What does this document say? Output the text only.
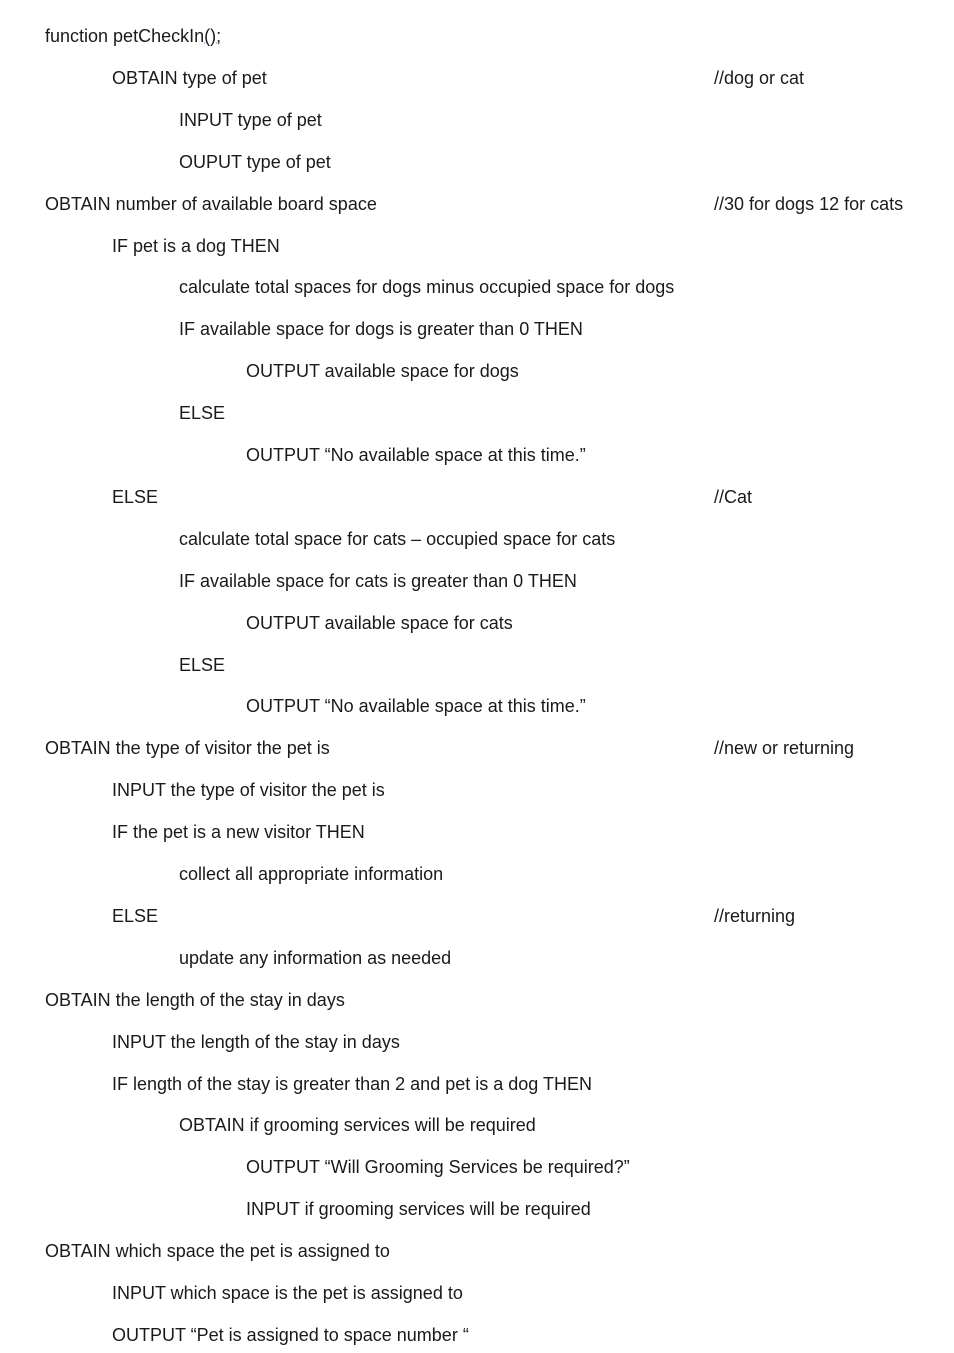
function petCheckIn();
OBTAIN type of pet	//dog or cat
INPUT type of pet
OUPUT type of pet
OBTAIN number of available board space	//30 for dogs 12 for cats
IF pet is a dog THEN
calculate total spaces for dogs minus occupied space for dogs
IF available space for dogs is greater than 0 THEN
OUTPUT available space for dogs
ELSE
OUTPUT “No available space at this time.”
ELSE	//Cat
calculate total space for cats – occupied space for cats
IF available space for cats is greater than 0 THEN
OUTPUT available space for cats
ELSE
OUTPUT “No available space at this time.”
OBTAIN the type of visitor the pet is	//new or returning
INPUT the type of visitor the pet is
IF the pet is a new visitor THEN
collect all appropriate information
ELSE	//returning
update any information as needed
OBTAIN the length of the stay in days
INPUT the length of the stay in days
IF length of the stay is greater than 2 and pet is a dog THEN
OBTAIN if grooming services will be required
OUTPUT “Will Grooming Services be required?”
INPUT if grooming services will be required
OBTAIN which space the pet is assigned to
INPUT which space is the pet is assigned to
OUTPUT “Pet is assigned to space number “
